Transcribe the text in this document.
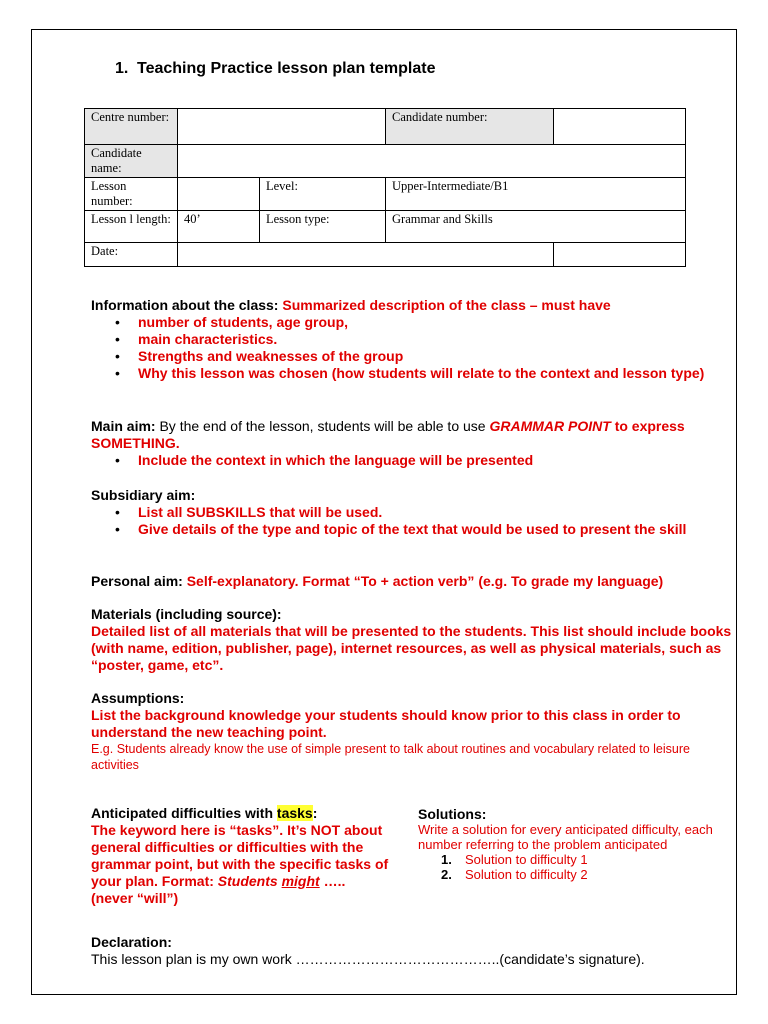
1. Teaching Practice lesson plan template
Centre number:			Candidate number:	
Candidate name:				
Lesson number:		Level:	Upper-Intermediate/B1	
Lesson l length:	40’	Lesson type:	Grammar and Skills	
Date:				

Information about the class: Summarized description of the class – must have

• number of students, age group,
• main characteristics.
• Strengths and weaknesses of the group
• Why this lesson was chosen (how students will relate to the context and lesson type)

Main aim: By the end of the lesson, students will be able to use GRAMMAR POINT to express SOMETHING.

• Include the context in which the language will be presented

Subsidiary aim:

• List all SUBSKILLS that will be used.
• Give details of the type and topic of the text that would be used to present the skill

Personal aim: Self-explanatory. Format “To + action verb” (e.g. To grade my language)

Materials (including source):

Detailed list of all materials that will be presented to the students. This list should include books (with name, edition, publisher, page), internet resources, as well as physical materials, such as “poster, game, etc”.

Assumptions:

List the background knowledge your students should know prior to this class in order to understand the new teaching point.

E.g. Students already know the use of simple present to talk about routines and vocabulary related to leisure activities

Anticipated difficulties with tasks:

The keyword here is “tasks”. It’s NOT about general difficulties or difficulties with the grammar point, but with the specific tasks of your plan. Format: Students might ….. (never “will”)

Solutions:

Write a solution for every anticipated difficulty, each number referring to the problem anticipated

1. Solution to difficulty 1
2. Solution to difficulty 2

Declaration:

This lesson plan is my own work ……………………………………..(candidate’s signature).
